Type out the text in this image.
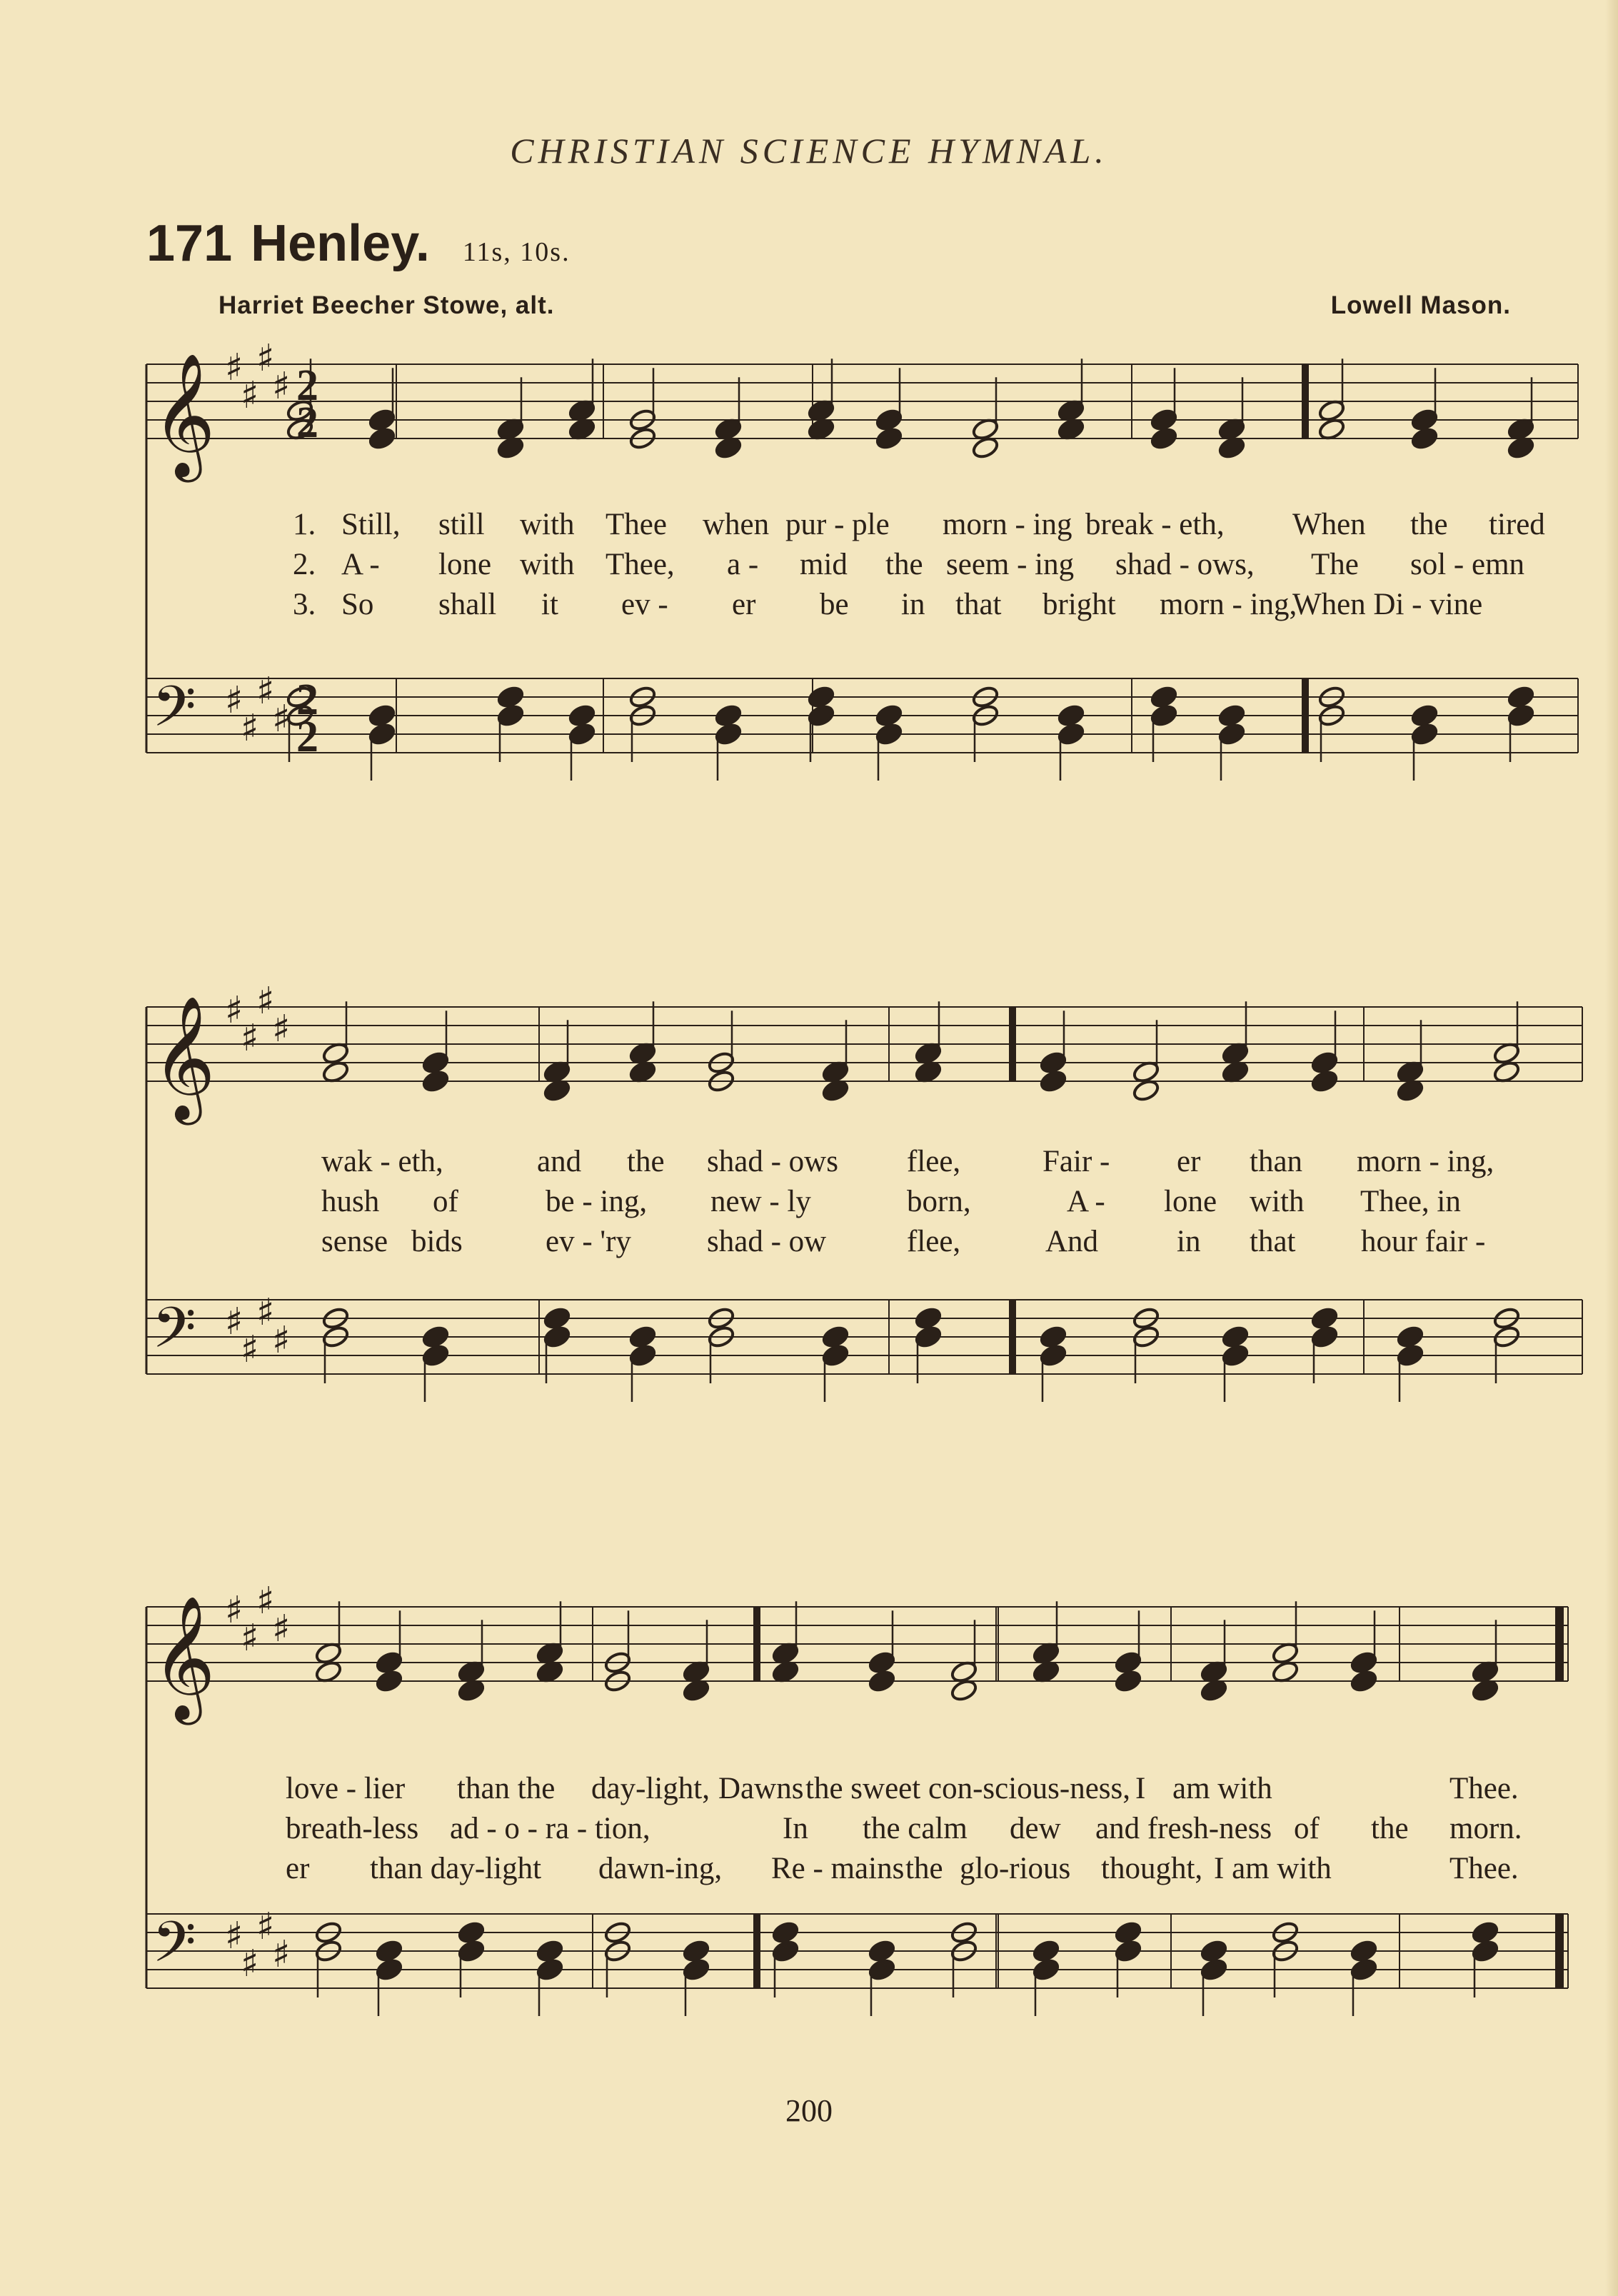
CHRISTIAN SCIENCE HYMNAL.
171 Henley. 11s, 10s.
Harriet Beecher Stowe, alt.	Lowell Mason.
𝄞 ♯
♯
♯
♯ 2
2
𝄢 ♯
♯
♯
♯ 2
2
1. Still, still with Thee when pur - ple morn - ing break - eth, When the tired
2. A - lone with Thee, a - mid the seem - ing shad - ows, The sol - emn
3. So shall it ev - er be in that bright morn - ing,
When Di - vine
𝄞 ♯
♯
♯
♯
𝄢 ♯
♯
♯
♯
wak - eth,	and the shad - ows flee,	Fair - er than morn - ing,
hush of	be - ing, new - ly	born,	A - lone with Thee, in
sense bids	ev - 'ry shad - ow	flee,	And	in that hour fair -
𝄞 ♯
♯
♯
♯
𝄢 ♯
♯
♯
♯
love - lier than the day-light, Dawns the sweet con-scious-ness, I am with	Thee.
breath-less ad - o - ra - tion,	In the calm dew and fresh-ness of the morn.
er than day-light dawn-ing, Re - mains the glo-rious thought, I am with	Thee.
200
